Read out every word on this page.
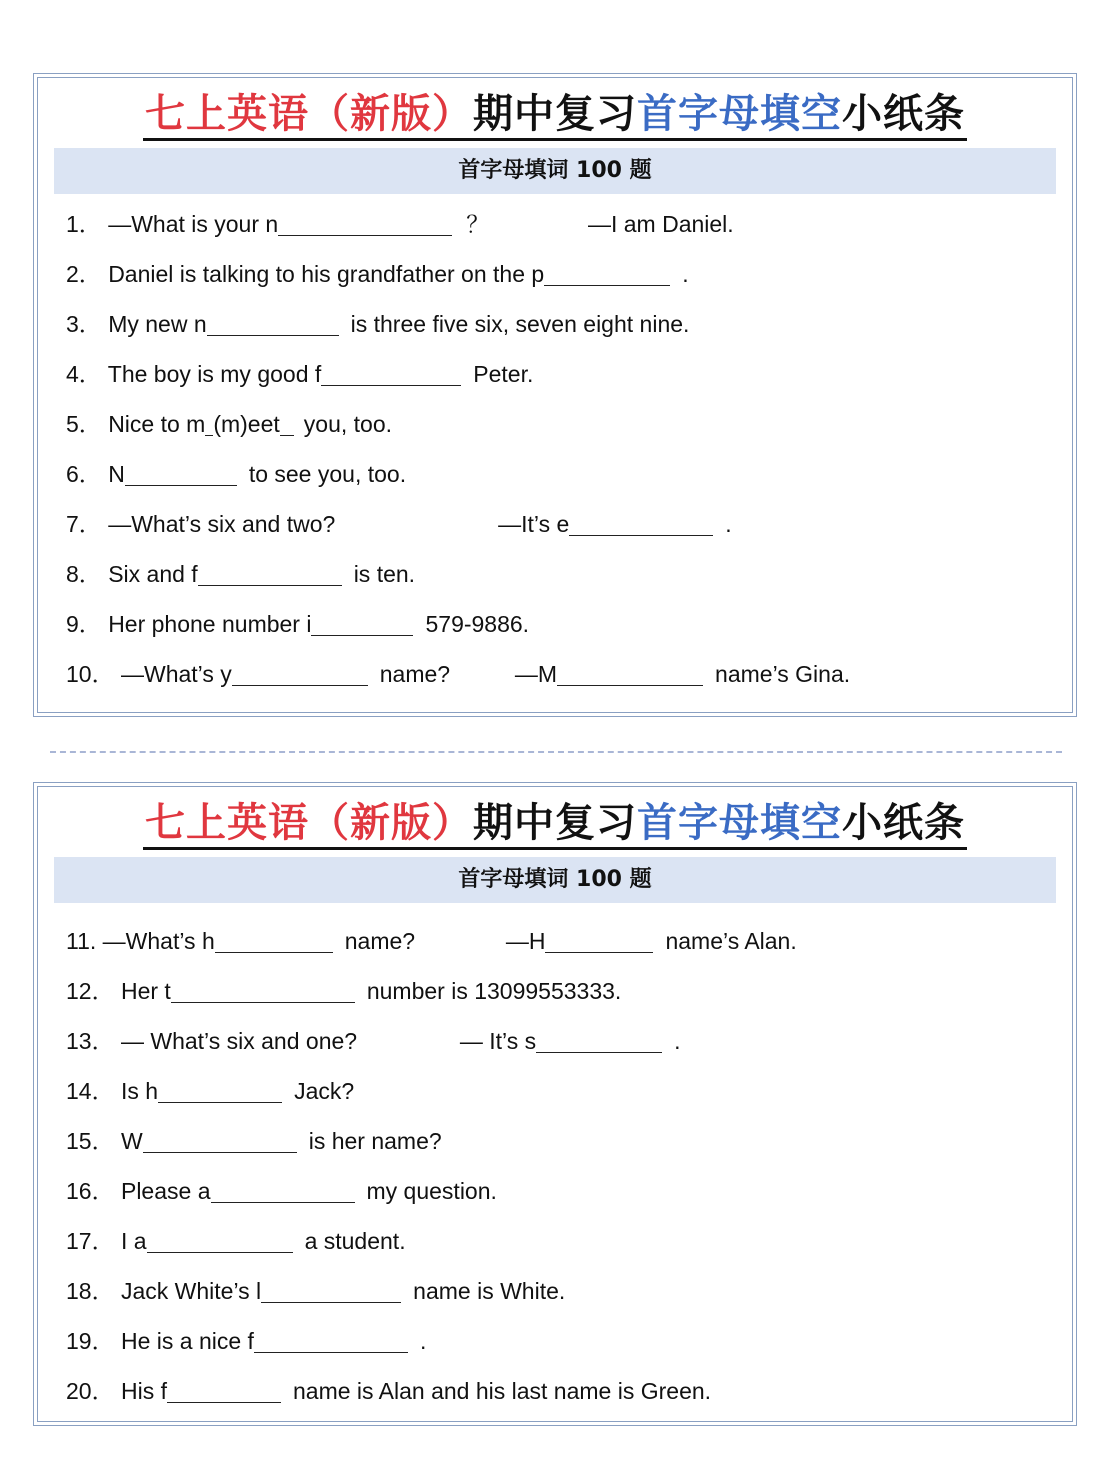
七上英语（新版）期中复习首字母填空小纸条
首字母填词 100 题
1． —What is your n	？	—I am Daniel.
2． Daniel is talking to his grandfather on the p	.
3． My new n	is three five six, seven eight nine.
4． The boy is my good f	Peter.
5． Nice to m (m)eet you, too.
6． N	to see you, too.
7． —What’s six and two?	—It’s e	.
8． Six and f	is ten.
9． Her phone number i	579-9886.
10． —What’s y	name?	—M	name’s Gina.
七上英语（新版）期中复习首字母填空小纸条
首字母填词 100 题
11. —What’s h	name?	—H	name’s Alan.
12． Her t	number is 13099553333.
13． — What’s six and one?	— It’s s	.
14． Is h	Jack?
15． W	is her name?
16． Please a	my question.
17． I a	a student.
18． Jack White’s l	name is White.
19． He is a nice f	.
20． His f	name is Alan and his last name is Green.
